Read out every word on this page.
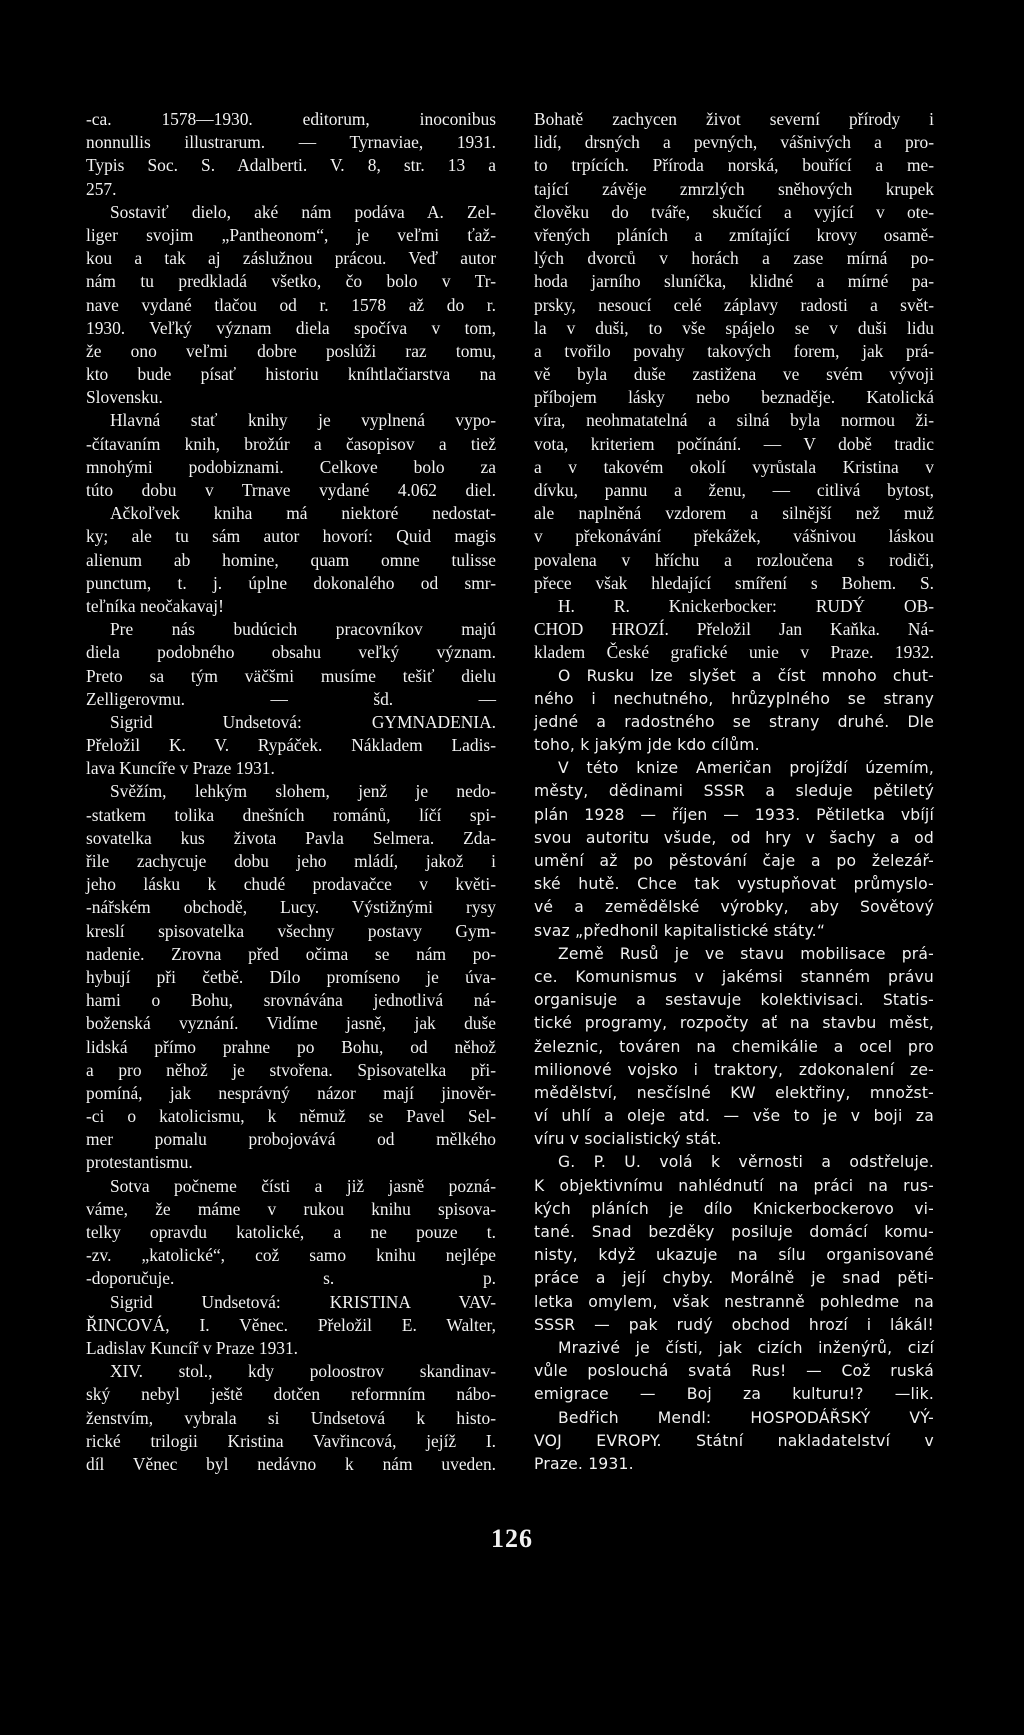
-ca. 1578—1930. editorum, inoconibus
nonnullis illustrarum. — Tyrnaviae, 1931.
Typis Soc. S. Adalberti. V. 8, str. 13 a
257.
Sostaviť dielo, aké nám podáva A. Zel-
liger svojim „Pantheonom“, je veľmi ťaž-
kou a tak aj záslužnou prácou. Veď autor
nám tu predkladá všetko, čo bolo v Tr-
nave vydané tlačou od r. 1578 až do r.
1930. Veľký význam diela spočíva v tom,
že ono veľmi dobre poslúži raz tomu,
kto bude písať historiu kníhtlačiarstva na
Slovensku.
Hlavná stať knihy je vyplnená vypo-
-čítavaním knih, brožúr a časopisov a tiež
mnohými podobiznami. Celkove bolo za
túto dobu v Trnave vydané 4.062 diel.
Ačkoľvek kniha má niektoré nedostat-
ky; ale tu sám autor hovorí: Quid magis
alienum ab homine, quam omne tulisse
punctum, t. j. úplne dokonalého od smr-
teľníka neočakavaj!
Pre nás budúcich pracovníkov majú
diela podobného obsahu veľký význam.
Preto sa tým väčšmi musíme tešiť dielu
Zelligerovmu. — šd. —
Sigrid Undsetová: GYMNADENIA.
Přeložil K. V. Rypáček. Nákladem Ladis-
lava Kuncíře v Praze 1931.
Svěžím, lehkým slohem, jenž je nedo-
-statkem tolika dnešních románů, líčí spi-
sovatelka kus života Pavla Selmera. Zda-
řile zachycuje dobu jeho mládí, jakož i
jeho lásku k chudé prodavačce v květi-
-nářském obchodě, Lucy. Výstižnými rysy
kreslí spisovatelka všechny postavy Gym-
nadenie. Zrovna před očima se nám po-
hybují při četbě. Dílo promíseno je úva-
hami o Bohu, srovnávána jednotlivá ná-
boženská vyznání. Vidíme jasně, jak duše
lidská přímo prahne po Bohu, od něhož
a pro něhož je stvořena. Spisovatelka při-
pomíná, jak nesprávný názor mají jinověr-
-ci o katolicismu, k němuž se Pavel Sel-
mer pomalu probojovává od mělkého
protestantismu.
Sotva počneme čísti a již jasně pozná-
váme, že máme v rukou knihu spisova-
telky opravdu katolické, a ne pouze t.
-zv. „katolické“, což samo knihu nejlépe
-doporučuje. s. p.
Sigrid Undsetová: KRISTINA VAV-
ŘINCOVÁ, I. Věnec. Přeložil E. Walter,
Ladislav Kuncíř v Praze 1931.
XIV. stol., kdy poloostrov skandinav-
ský nebyl ještě dotčen reformním nábo-
ženstvím, vybrala si Undsetová k histo-
rické trilogii Kristina Vavřincová, jejíž I.
díl Věnec byl nedávno k nám uveden.
Bohatě zachycen život severní přírody i
lidí, drsných a pevných, vášnivých a pro-
to trpících. Příroda norská, bouřící a me-
tající závěje zmrzlých sněhových krupek
člověku do tváře, skučící a vyjící v ote-
vřených pláních a zmítající krovy osamě-
lých dvorců v horách a zase mírná po-
hoda jarního sluníčka, klidné a mírné pa-
prsky, nesoucí celé záplavy radosti a svět-
la v duši, to vše spájelo se v duši lidu
a tvořilo povahy takových forem, jak prá-
vě byla duše zastižena ve svém vývoji
příbojem lásky nebo beznaděje. Katolická
víra, neohmatatelná a silná byla normou ži-
vota, kriteriem počínání. — V době tradic
a v takovém okolí vyrůstala Kristina v
dívku, pannu a ženu, — citlivá bytost,
ale naplněná vzdorem a silnější než muž
v překonávání překážek, vášnivou láskou
povalena v hříchu a rozloučena s rodiči,
přece však hledající smíření s Bohem. S.
H. R. Knickerbocker: RUDÝ OB-
CHOD HROZÍ. Přeložil Jan Kaňka. Ná-
kladem České grafické unie v Praze. 1932.
O Rusku lze slyšet a číst mnoho chut-
ného i nechutného, hrůzyplného se strany
jedné a radostného se strany druhé. Dle
toho, k jakým jde kdo cílům.
V této knize Američan projíždí územím,
městy, dědinami SSSR a sleduje pětiletý
plán 1928 — říjen — 1933. Pětiletka vbíjí
svou autoritu všude, od hry v šachy a od
umění až po pěstování čaje a po železář-
ské hutě. Chce tak vystupňovat průmyslo-
vé a zemědělské výrobky, aby Sovětový
svaz „předhonil kapitalistické státy.“
Země Rusů je ve stavu mobilisace prá-
ce. Komunismus v jakémsi stanném právu
organisuje a sestavuje kolektivisaci. Statis-
tické programy, rozpočty ať na stavbu měst,
železnic, továren na chemikálie a ocel pro
milionové vojsko i traktory, zdokonalení ze-
mědělství, nesčíslné KW elektřiny, množst-
ví uhlí a oleje atd. — vše to je v boji za
víru v socialistický stát.
G. P. U. volá k věrnosti a odstřeluje.
K objektivnímu nahlédnutí na práci na rus-
kých pláních je dílo Knickerbockerovo vi-
tané. Snad bezděky posiluje domácí komu-
nisty, když ukazuje na sílu organisované
práce a její chyby. Morálně je snad pěti-
letka omylem, však nestranně pohledme na
SSSR — pak rudý obchod hrozí i lákál!
Mrazivé je čísti, jak cizích inženýrů, cizí
vůle poslouchá svatá Rus! — Což ruská
emigrace — Boj za kulturu!? —lik.
Bedřich Mendl: HOSPODÁŘSKÝ VÝ-
VOJ EVROPY. Státní nakladatelství v
Praze. 1931.
126
